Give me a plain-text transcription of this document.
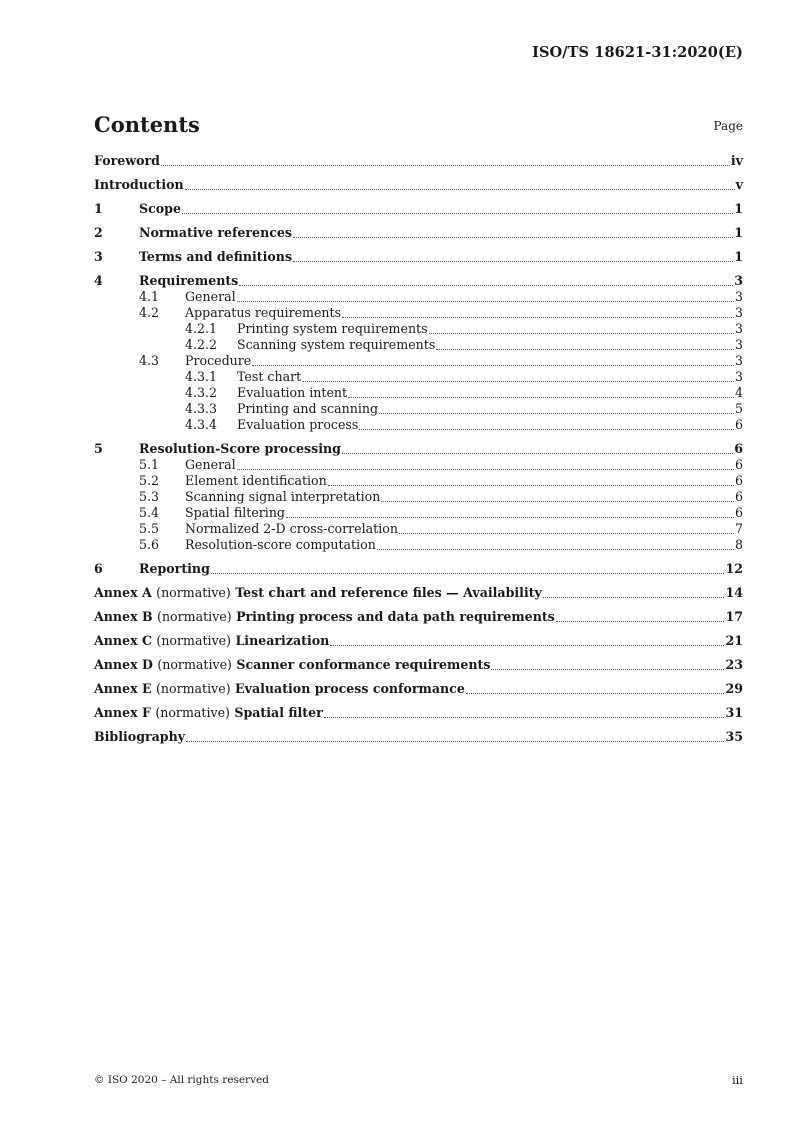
ISO/TS 18621-31:2020(E)
Contents	Page
Foreword	iv
Introduction	v
1	Scope	1
2	Normative references	1
3	Terms and definitions	1
4	Requirements	3
4.1	General	3
4.2	Apparatus requirements	3
4.2.1	Printing system requirements	3
4.2.2	Scanning system requirements	3
4.3	Procedure	3
4.3.1	Test chart	3
4.3.2	Evaluation intent	4
4.3.3	Printing and scanning	5
4.3.4	Evaluation process	6
5	Resolution-Score processing	6
5.1	General	6
5.2	Element identification	6
5.3	Scanning signal interpretation	6
5.4	Spatial filtering	6
5.5	Normalized 2-D cross-correlation	7
5.6	Resolution-score computation	8
6	Reporting	12
Annex A (normative) Test chart and reference files — Availability	14
Annex B (normative) Printing process and data path requirements	17
Annex C (normative) Linearization	21
Annex D (normative) Scanner conformance requirements	23
Annex E (normative) Evaluation process conformance	29
Annex F (normative) Spatial filter	31
Bibliography	35
© ISO 2020 – All rights reserved	iii
